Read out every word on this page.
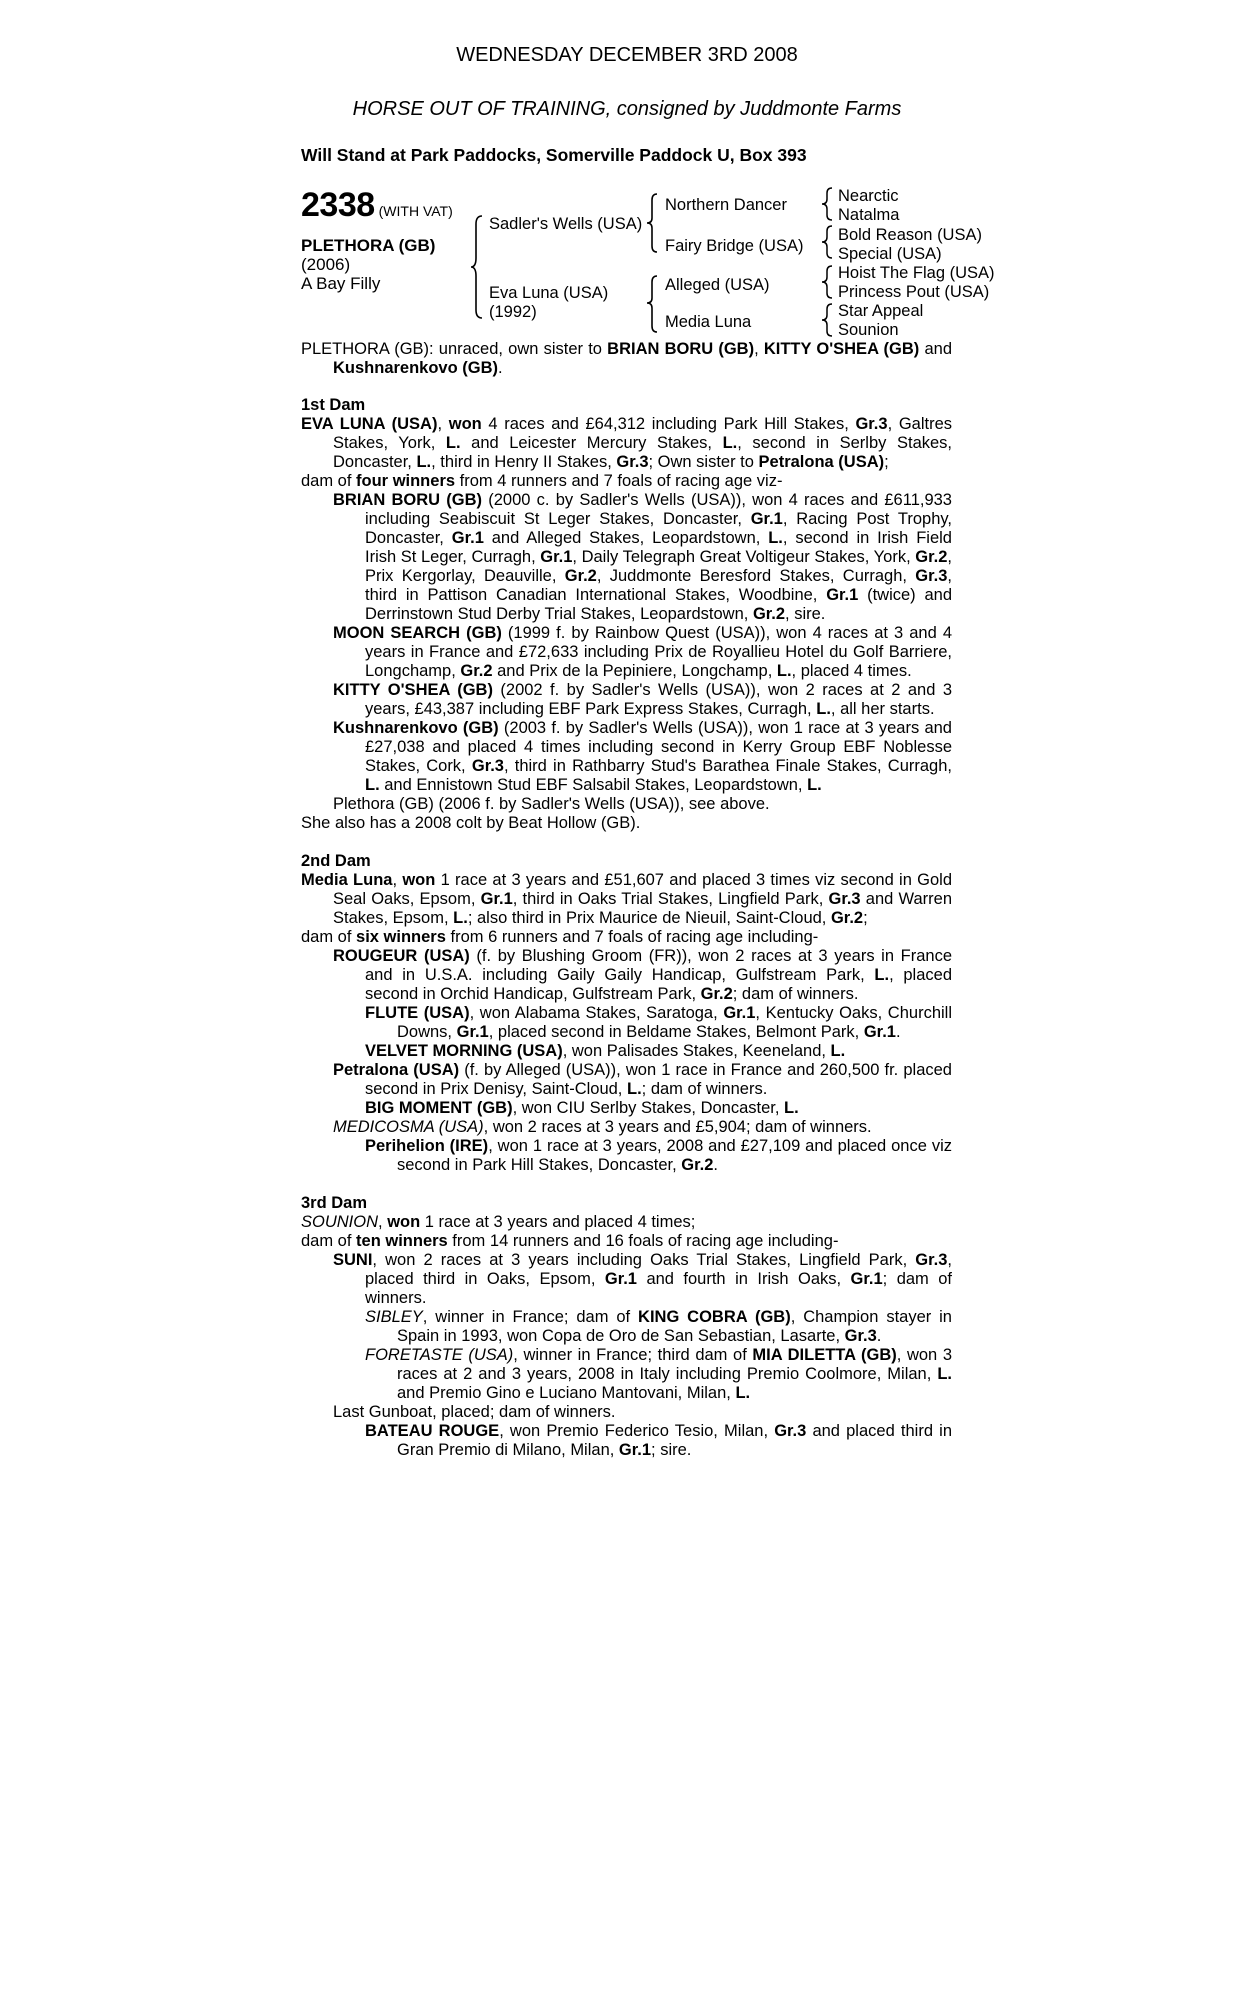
WEDNESDAY DECEMBER 3RD 2008
HORSE OUT OF TRAINING, consigned by Juddmonte Farms
Will Stand at Park Paddocks, Somerville Paddock U, Box 393
2338 (WITH VAT)
PLETHORA (GB)
(2006)
A Bay Filly
Sadler's Wells (USA)
Eva Luna (USA)
(1992)
Northern Dancer
Fairy Bridge (USA)
Alleged (USA)
Media Luna
Nearctic
Natalma
Bold Reason (USA)
Special (USA)
Hoist The Flag (USA)
Princess Pout (USA)
Star Appeal
Sounion

PLETHORA (GB): unraced, own sister to BRIAN BORU (GB), KITTY O'SHEA (GB) and Kushnarenkovo (GB).

1st Dam

EVA LUNA (USA), won 4 races and £64,312 including Park Hill Stakes, Gr.3, Galtres Stakes, York, L. and Leicester Mercury Stakes, L., second in Serlby Stakes, Doncaster, L., third in Henry II Stakes, Gr.3; Own sister to Petralona (USA);

dam of four winners from 4 runners and 7 foals of racing age viz-

BRIAN BORU (GB) (2000 c. by Sadler's Wells (USA)), won 4 races and £611,933 including Seabiscuit St Leger Stakes, Doncaster, Gr.1, Racing Post Trophy, Doncaster, Gr.1 and Alleged Stakes, Leopardstown, L., second in Irish Field Irish St Leger, Curragh, Gr.1, Daily Telegraph Great Voltigeur Stakes, York, Gr.2, Prix Kergorlay, Deauville, Gr.2, Juddmonte Beresford Stakes, Curragh, Gr.3, third in Pattison Canadian International Stakes, Woodbine, Gr.1 (twice) and Derrinstown Stud Derby Trial Stakes, Leopardstown, Gr.2, sire.

MOON SEARCH (GB) (1999 f. by Rainbow Quest (USA)), won 4 races at 3 and 4 years in France and £72,633 including Prix de Royallieu Hotel du Golf Barriere, Longchamp, Gr.2 and Prix de la Pepiniere, Longchamp, L., placed 4 times.

KITTY O'SHEA (GB) (2002 f. by Sadler's Wells (USA)), won 2 races at 2 and 3 years, £43,387 including EBF Park Express Stakes, Curragh, L., all her starts.

Kushnarenkovo (GB) (2003 f. by Sadler's Wells (USA)), won 1 race at 3 years and £27,038 and placed 4 times including second in Kerry Group EBF Noblesse Stakes, Cork, Gr.3, third in Rathbarry Stud's Barathea Finale Stakes, Curragh, L. and Ennistown Stud EBF Salsabil Stakes, Leopardstown, L.

Plethora (GB) (2006 f. by Sadler's Wells (USA)), see above.

She also has a 2008 colt by Beat Hollow (GB).

2nd Dam

Media Luna, won 1 race at 3 years and £51,607 and placed 3 times viz second in Gold Seal Oaks, Epsom, Gr.1, third in Oaks Trial Stakes, Lingfield Park, Gr.3 and Warren Stakes, Epsom, L.; also third in Prix Maurice de Nieuil, Saint-Cloud, Gr.2;

dam of six winners from 6 runners and 7 foals of racing age including-

ROUGEUR (USA) (f. by Blushing Groom (FR)), won 2 races at 3 years in France and in U.S.A. including Gaily Gaily Handicap, Gulfstream Park, L., placed second in Orchid Handicap, Gulfstream Park, Gr.2; dam of winners.

FLUTE (USA), won Alabama Stakes, Saratoga, Gr.1, Kentucky Oaks, Churchill Downs, Gr.1, placed second in Beldame Stakes, Belmont Park, Gr.1.

VELVET MORNING (USA), won Palisades Stakes, Keeneland, L.

Petralona (USA) (f. by Alleged (USA)), won 1 race in France and 260,500 fr. placed second in Prix Denisy, Saint-Cloud, L.; dam of winners.

BIG MOMENT (GB), won CIU Serlby Stakes, Doncaster, L.

MEDICOSMA (USA), won 2 races at 3 years and £5,904; dam of winners.

Perihelion (IRE), won 1 race at 3 years, 2008 and £27,109 and placed once viz second in Park Hill Stakes, Doncaster, Gr.2.

3rd Dam

SOUNION, won 1 race at 3 years and placed 4 times;

dam of ten winners from 14 runners and 16 foals of racing age including-

SUNI, won 2 races at 3 years including Oaks Trial Stakes, Lingfield Park, Gr.3, placed third in Oaks, Epsom, Gr.1 and fourth in Irish Oaks, Gr.1; dam of winners.

SIBLEY, winner in France; dam of KING COBRA (GB), Champion stayer in Spain in 1993, won Copa de Oro de San Sebastian, Lasarte, Gr.3.

FORETASTE (USA), winner in France; third dam of MIA DILETTA (GB), won 3 races at 2 and 3 years, 2008 in Italy including Premio Coolmore, Milan, L. and Premio Gino e Luciano Mantovani, Milan, L.

Last Gunboat, placed; dam of winners.

BATEAU ROUGE, won Premio Federico Tesio, Milan, Gr.3 and placed third in Gran Premio di Milano, Milan, Gr.1; sire.
